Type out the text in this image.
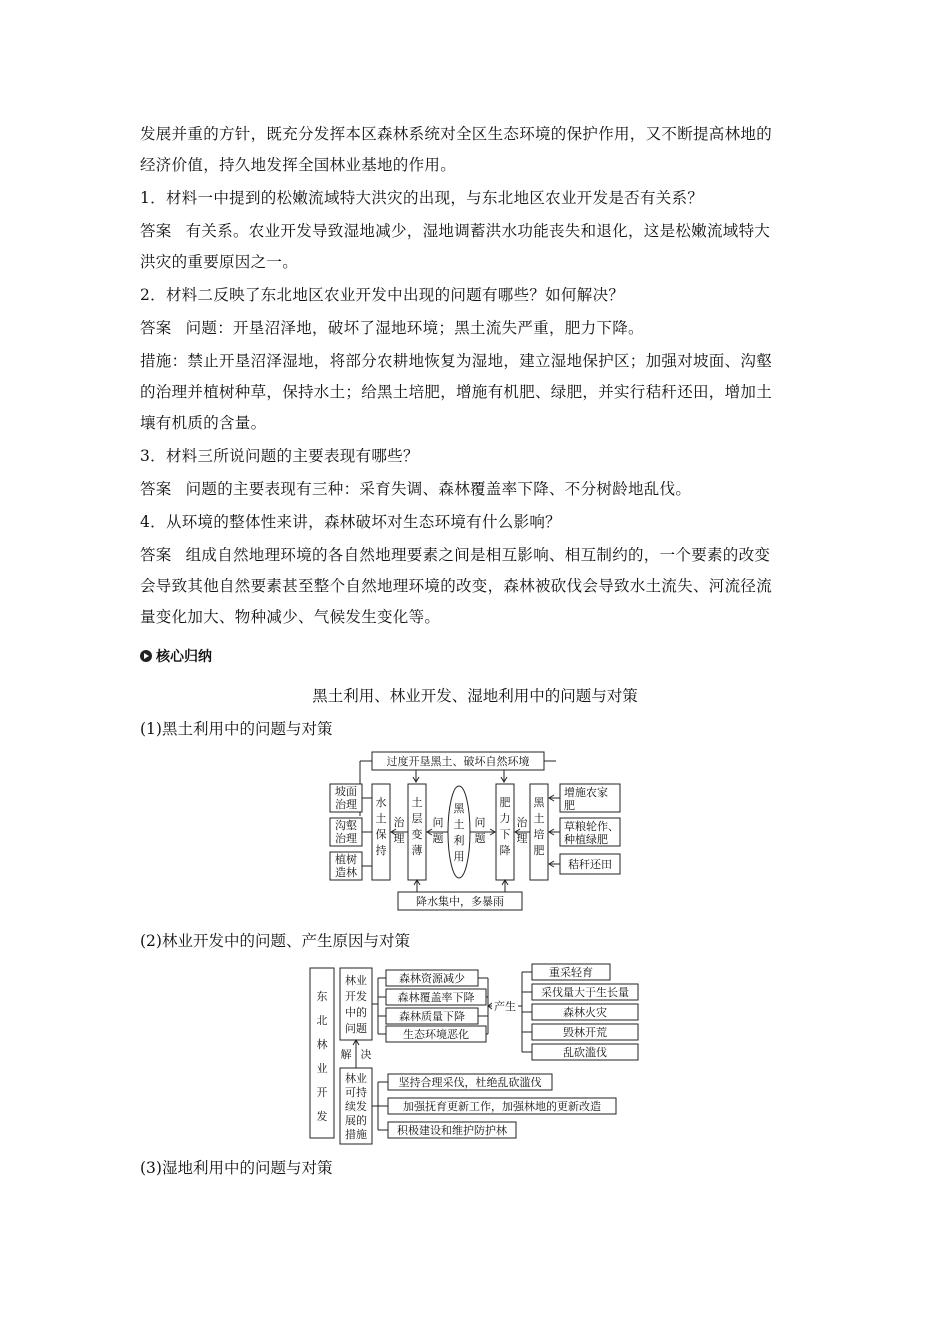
发展并重的方针，既充分发挥本区森林系统对全区生态环境的保护作用，又不断提高林地的
经济价值，持久地发挥全国林业基地的作用。
1．材料一中提到的松嫩流域特大洪灾的出现，与东北地区农业开发是否有关系？
答案 有关系。农业开发导致湿地减少，湿地调蓄洪水功能丧失和退化，这是松嫩流域特大
洪灾的重要原因之一。
2．材料二反映了东北地区农业开发中出现的问题有哪些？如何解决？
答案 问题：开垦沼泽地，破坏了湿地环境；黑土流失严重，肥力下降。
措施：禁止开垦沼泽湿地，将部分农耕地恢复为湿地，建立湿地保护区；加强对坡面、沟壑
的治理并植树种草，保持水土；给黑土培肥，增施有机肥、绿肥，并实行秸秆还田，增加土
壤有机质的含量。
3．材料三所说问题的主要表现有哪些？
答案 问题的主要表现有三种：采育失调、森林覆盖率下降、不分树龄地乱伐。
4．从环境的整体性来讲，森林破坏对生态环境有什么影响？
答案 组成自然地理环境的各自然地理要素之间是相互影响、相互制约的，一个要素的改变
会导致其他自然要素甚至整个自然地理环境的改变，森林被砍伐会导致水土流失、河流径流
量变化加大、物种减少、气候发生变化等。
核心归纳
黑土利用、林业开发、湿地利用中的问题与对策
(1)黑土利用中的问题与对策
过度开垦黑土、破坏自然环境
坡面
治理
沟壑
治理
植树
造林
水
土
保
持
治
理
土
层
变
薄
问
题
黑
土
利
用
问
题
肥
力
下
降
治
理
黑
土
培
肥
增施农家
肥
草粮轮作、
种植绿肥
秸秆还田
降水集中，多暴雨
(2)林业开发中的问题、产生原因与对策
东
北
林
业
开
发
林业
开发
中的
问题
森林资源减少
森林覆盖率下降
森林质量下降
生态环境恶化
产生
重采轻育
采伐量大于生长量
森林火灾
毁林开荒
乱砍滥伐
解 决
林业
可持
续发
展的
措施
坚持合理采伐，杜绝乱砍滥伐
加强抚育更新工作，加强林地的更新改造
积极建设和维护防护林
(3)湿地利用中的问题与对策
